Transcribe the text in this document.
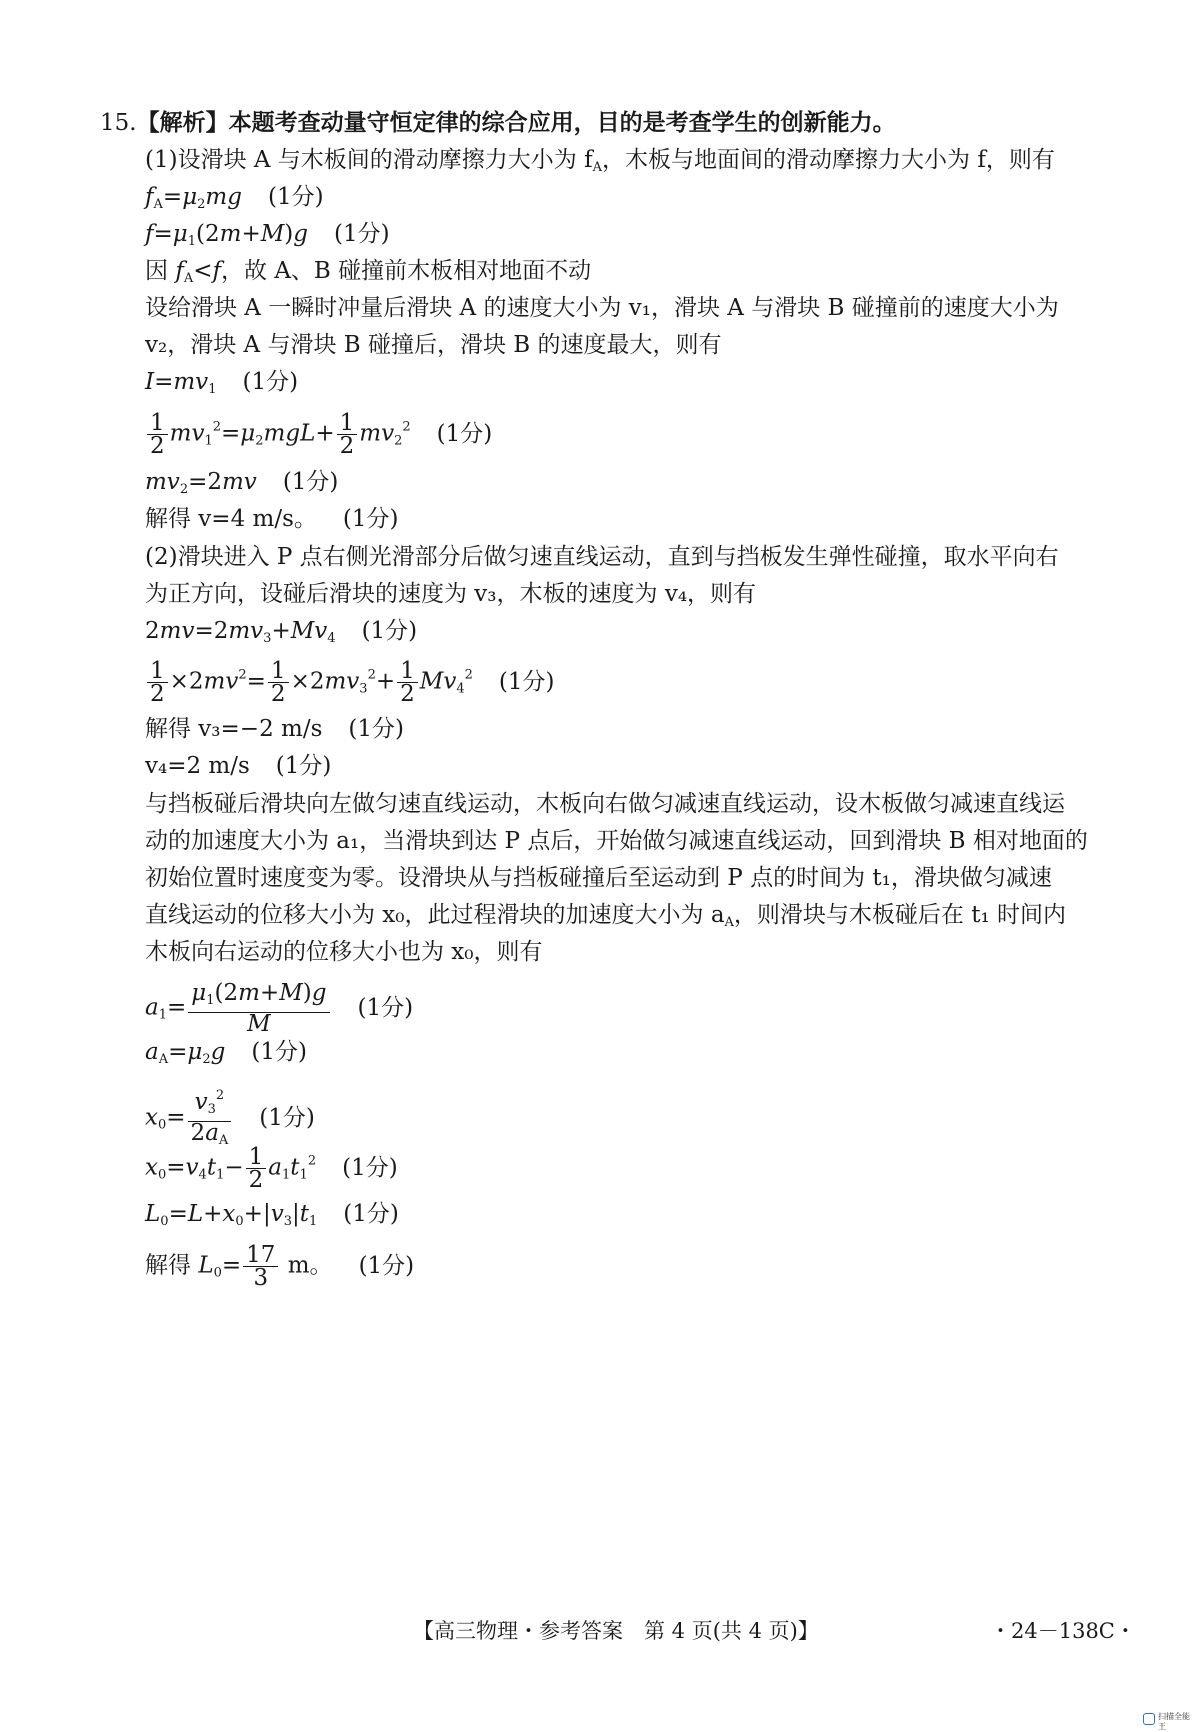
15.【解析】本题考查动量守恒定律的综合应用，目的是考查学生的创新能力。
(1)设滑块 A 与木板间的滑动摩擦力大小为 $f_A$，木板与地面间的滑动摩擦力大小为 f，则有
$f_A=\mu_2mg$ (1分)
$f=\mu_1(2m+M)g$ (1分)
因 $f_A<f$，故 A、B 碰撞前木板相对地面不动
设给滑块 A 一瞬时冲量后滑块 A 的速度大小为 v₁，滑块 A 与滑块 B 碰撞前的速度大小为
v₂，滑块 A 与滑块 B 碰撞后，滑块 B 的速度最大，则有
$I=mv_1$ (1分)
$\frac{1}{2} mv_1^2=\mu_2mgL+ \frac{1}{2} mv_2^2$ (1分)
$mv_2=2mv$ (1分)
解得 v=4 m/s。 (1分)
(2)滑块进入 P 点右侧光滑部分后做匀速直线运动，直到与挡板发生弹性碰撞，取水平向右
为正方向，设碰后滑块的速度为 v₃，木板的速度为 v₄，则有
$2mv=2mv_3+Mv_4$ (1分)
$\frac{1}{2} \times 2mv^2= \frac{1}{2} \times 2mv_3^2+ \frac{1}{2} Mv_4^2$ (1分)
解得 v₃=−2 m/s (1分)
v₄=2 m/s (1分)
与挡板碰后滑块向左做匀速直线运动，木板向右做匀减速直线运动，设木板做匀减速直线运
动的加速度大小为 a₁，当滑块到达 P 点后，开始做匀减速直线运动，回到滑块 B 相对地面的
初始位置时速度变为零。设滑块从与挡板碰撞后至运动到 P 点的时间为 t₁，滑块做匀减速
直线运动的位移大小为 x₀，此过程滑块的加速度大小为 $a_A$，则滑块与木板碰后在 t₁ 时间内
木板向右运动的位移大小也为 x₀，则有
$a_1= \frac{\mu_1(2m+M)g}{M} (1$分)
$a_A=\mu_2g$ (1分)
$x_0= \frac{v_3^2}{2a_A} (1$分)
$x_0=v_4t_1- \frac{1}{2} a_1t_1^2$ (1分)
$L_0=L+x_0+|v_3|t_1$ (1分)
解得 $L_0= \frac{17}{3}$ m。 (1分)
【高三物理・参考答案　第 4 页(共 4 页)】	・24－138C・
扫描全能王
